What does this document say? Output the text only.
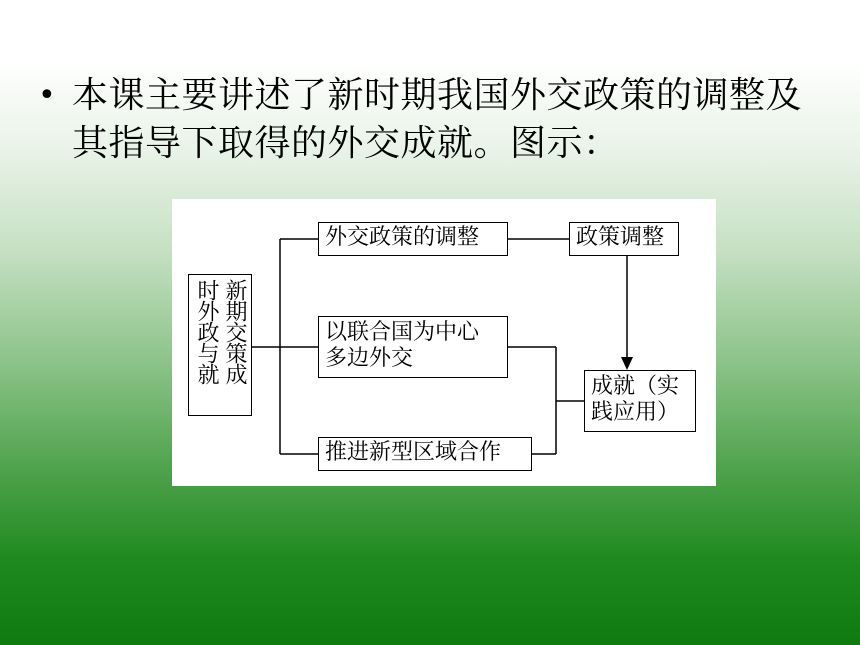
• 本课主要讲述了新时期我国外交政策的调整及其指导下取得的外交成就。图示：
新期交策成
时外政与就
外交政策的调整
以联合国为中心
多边外交
推进新型区域合作
政策调整
成就（实
践应用）
